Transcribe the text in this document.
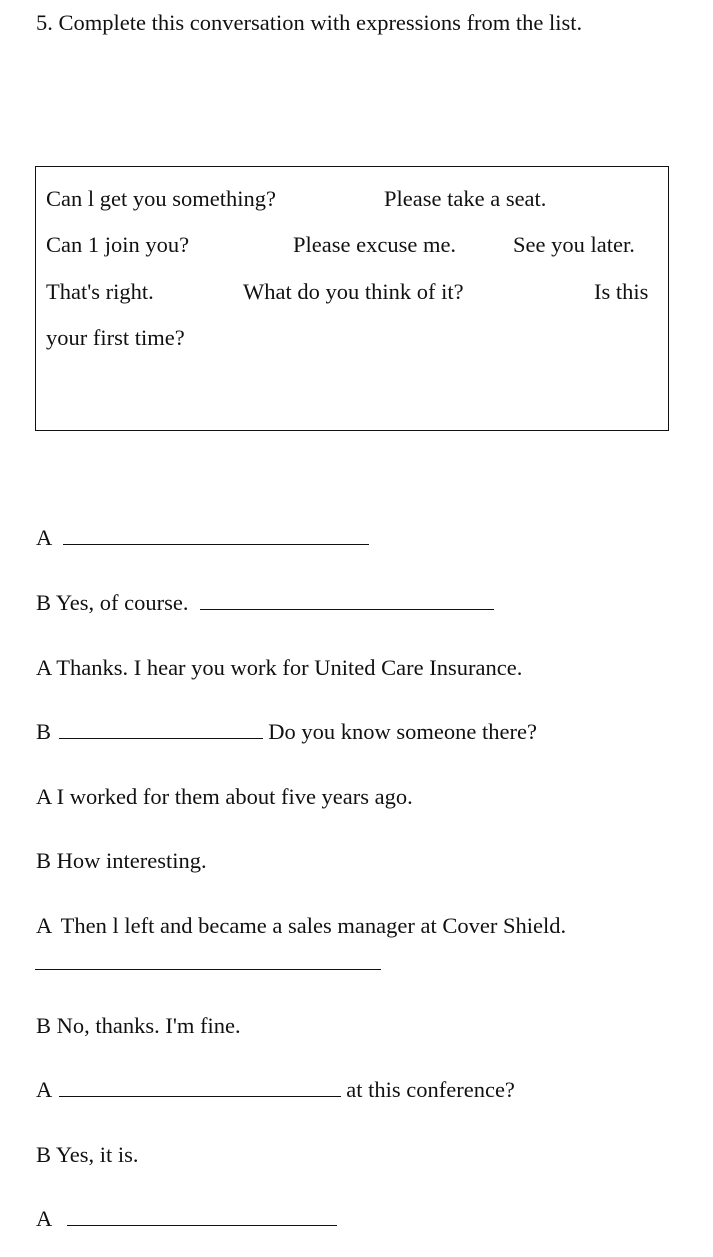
5. Complete this conversation with expressions from the list.
Can l get you something?	Please take a seat.
Can 1 join you?	Please excuse me.	See you later.
That's right.	What do you think of it?	Is this
your first time?
A
B Yes, of course.
A Thanks. I hear you work for United Care Insurance.
B	Do you know someone there?
A I worked for them about five years ago.
B How interesting.
A Then l left and became a sales manager at Cover Shield.
B No, thanks. I'm fine.
A	at this conference?
B Yes, it is.
A
